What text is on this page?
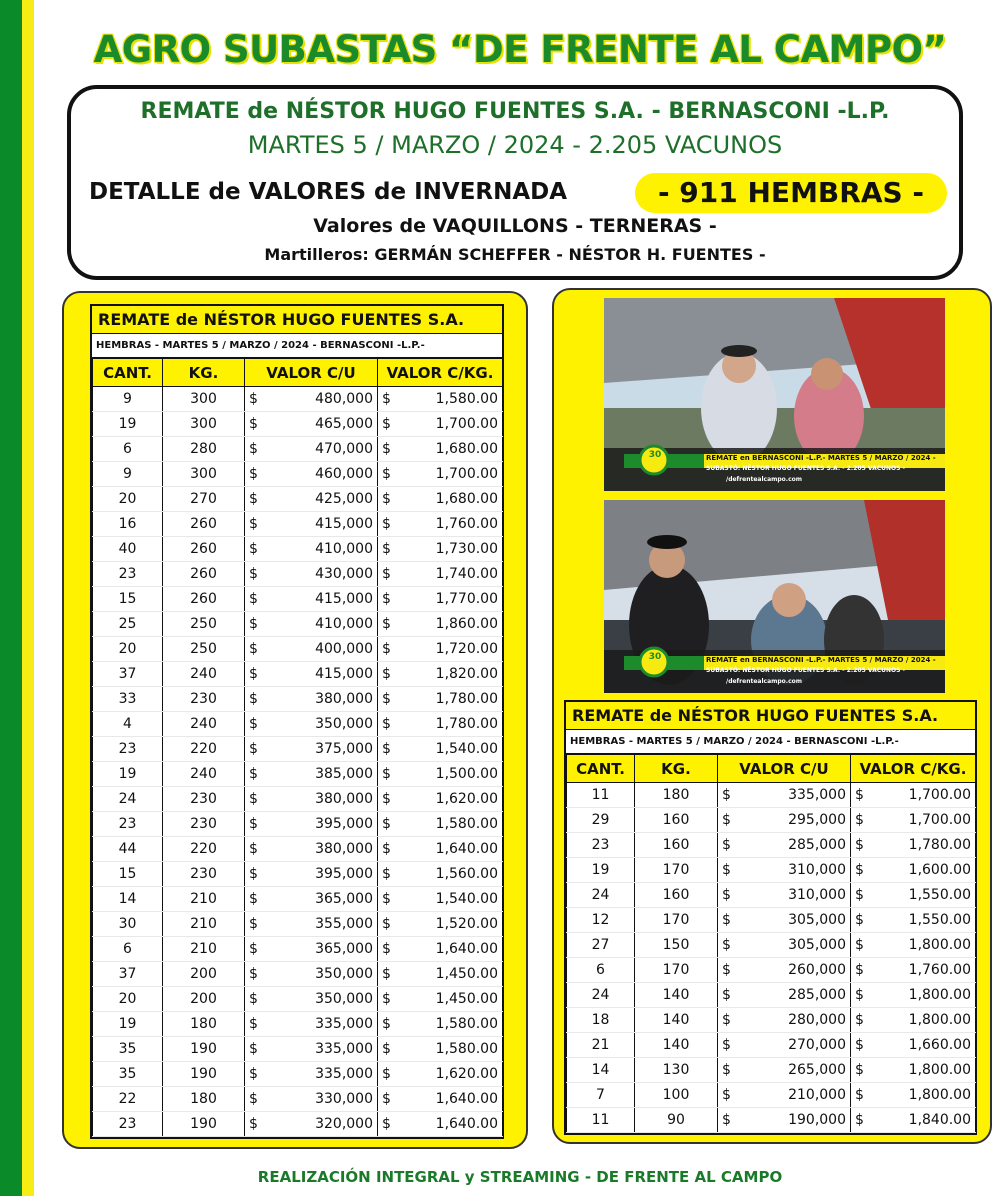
AGRO SUBASTAS “DE FRENTE AL CAMPO”
REMATE de NÉSTOR HUGO FUENTES S.A. - BERNASCONI -L.P.
MARTES 5 / MARZO / 2024 - 2.205 VACUNOS
DETALLE de VALORES de INVERNADA	- 911 HEMBRAS -
Valores de VAQUILLONS - TERNERAS -
Martilleros: GERMÁN SCHEFFER - NÉSTOR H. FUENTES -
REMATE de NÉSTOR HUGO FUENTES S.A.
HEMBRAS - MARTES 5 / MARZO / 2024 - BERNASCONI -L.P.-
CANT.	KG.	VALOR C/U	VALOR C/KG.
9	300	$ 480,000	$ 1,580.00

19	300	$ 465,000	$ 1,700.00

6	280	$ 470,000	$ 1,680.00

9	300	$ 460,000	$ 1,700.00

20	270	$ 425,000	$ 1,680.00

16	260	$ 415,000	$ 1,760.00

40	260	$ 410,000	$ 1,730.00

23	260	$ 430,000	$ 1,740.00

15	260	$ 415,000	$ 1,770.00

25	250	$ 410,000	$ 1,860.00

20	250	$ 400,000	$ 1,720.00

37	240	$ 415,000	$ 1,820.00

33	230	$ 380,000	$ 1,780.00

4	240	$ 350,000	$ 1,780.00

23	220	$ 375,000	$ 1,540.00

19	240	$ 385,000	$ 1,500.00

24	230	$ 380,000	$ 1,620.00

23	230	$ 395,000	$ 1,580.00

44	220	$ 380,000	$ 1,640.00

15	230	$ 395,000	$ 1,560.00

14	210	$ 365,000	$ 1,540.00

30	210	$ 355,000	$ 1,520.00

6	210	$ 365,000	$ 1,640.00

37	200	$ 350,000	$ 1,450.00

20	200	$ 350,000	$ 1,450.00

19	180	$ 335,000	$ 1,580.00

35	190	$ 335,000	$ 1,580.00

35	190	$ 335,000	$ 1,620.00

22	180	$ 330,000	$ 1,640.00

23	190	$ 320,000	$ 1,640.00
30	REMATE en BERNASCONI -L.P.- MARTES 5 / MARZO / 2024 -
SUBASTÓ: NÉSTOR HUGO FUENTES S.A. - 2.205 VACUNOS -
/defrentealcampo.com
30	REMATE en BERNASCONI -L.P.- MARTES 5 / MARZO / 2024 -
SUBASTÓ: NÉSTOR HUGO FUENTES S.A. - 2.205 VACUNOS -
/defrentealcampo.com
REMATE de NÉSTOR HUGO FUENTES S.A.
HEMBRAS - MARTES 5 / MARZO / 2024 - BERNASCONI -L.P.-
CANT.	KG.	VALOR C/U	VALOR C/KG.
11	180	$ 335,000	$ 1,700.00

29	160	$ 295,000	$ 1,700.00

23	160	$ 285,000	$ 1,780.00

19	170	$ 310,000	$ 1,600.00

24	160	$ 310,000	$ 1,550.00

12	170	$ 305,000	$ 1,550.00

27	150	$ 305,000	$ 1,800.00

6	170	$ 260,000	$ 1,760.00

24	140	$ 285,000	$ 1,800.00

18	140	$ 280,000	$ 1,800.00

21	140	$ 270,000	$ 1,660.00

14	130	$ 265,000	$ 1,800.00

7	100	$ 210,000	$ 1,800.00

11	90	$ 190,000	$ 1,840.00
REALIZACIÓN INTEGRAL y STREAMING - DE FRENTE AL CAMPO
